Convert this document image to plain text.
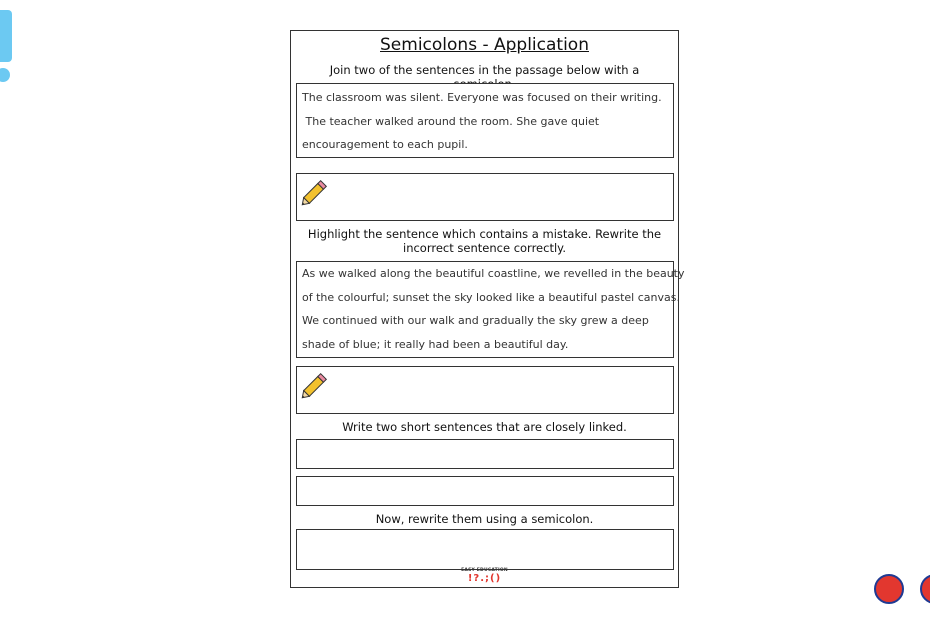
Semicolons - Application
Join two of the sentences in the passage below with a
The classroom was silent. Everyone was focused on their writing.
The teacher walked around the room. She gave quiet
encouragement to each pupil.
Highlight the sentence which contains a mistake. Rewrite the
incorrect sentence correctly.
As we walked along the beautiful coastline, we revelled in the beauty
of the colourful; sunset the sky looked like a beautiful pastel canvas.
We continued with our walk and gradually the sky grew a deep
shade of blue; it really had been a beautiful day.
Write two short sentences that are closely linked.
Now, rewrite them using a semicolon.
EASY EDUCATION
!?.;()
